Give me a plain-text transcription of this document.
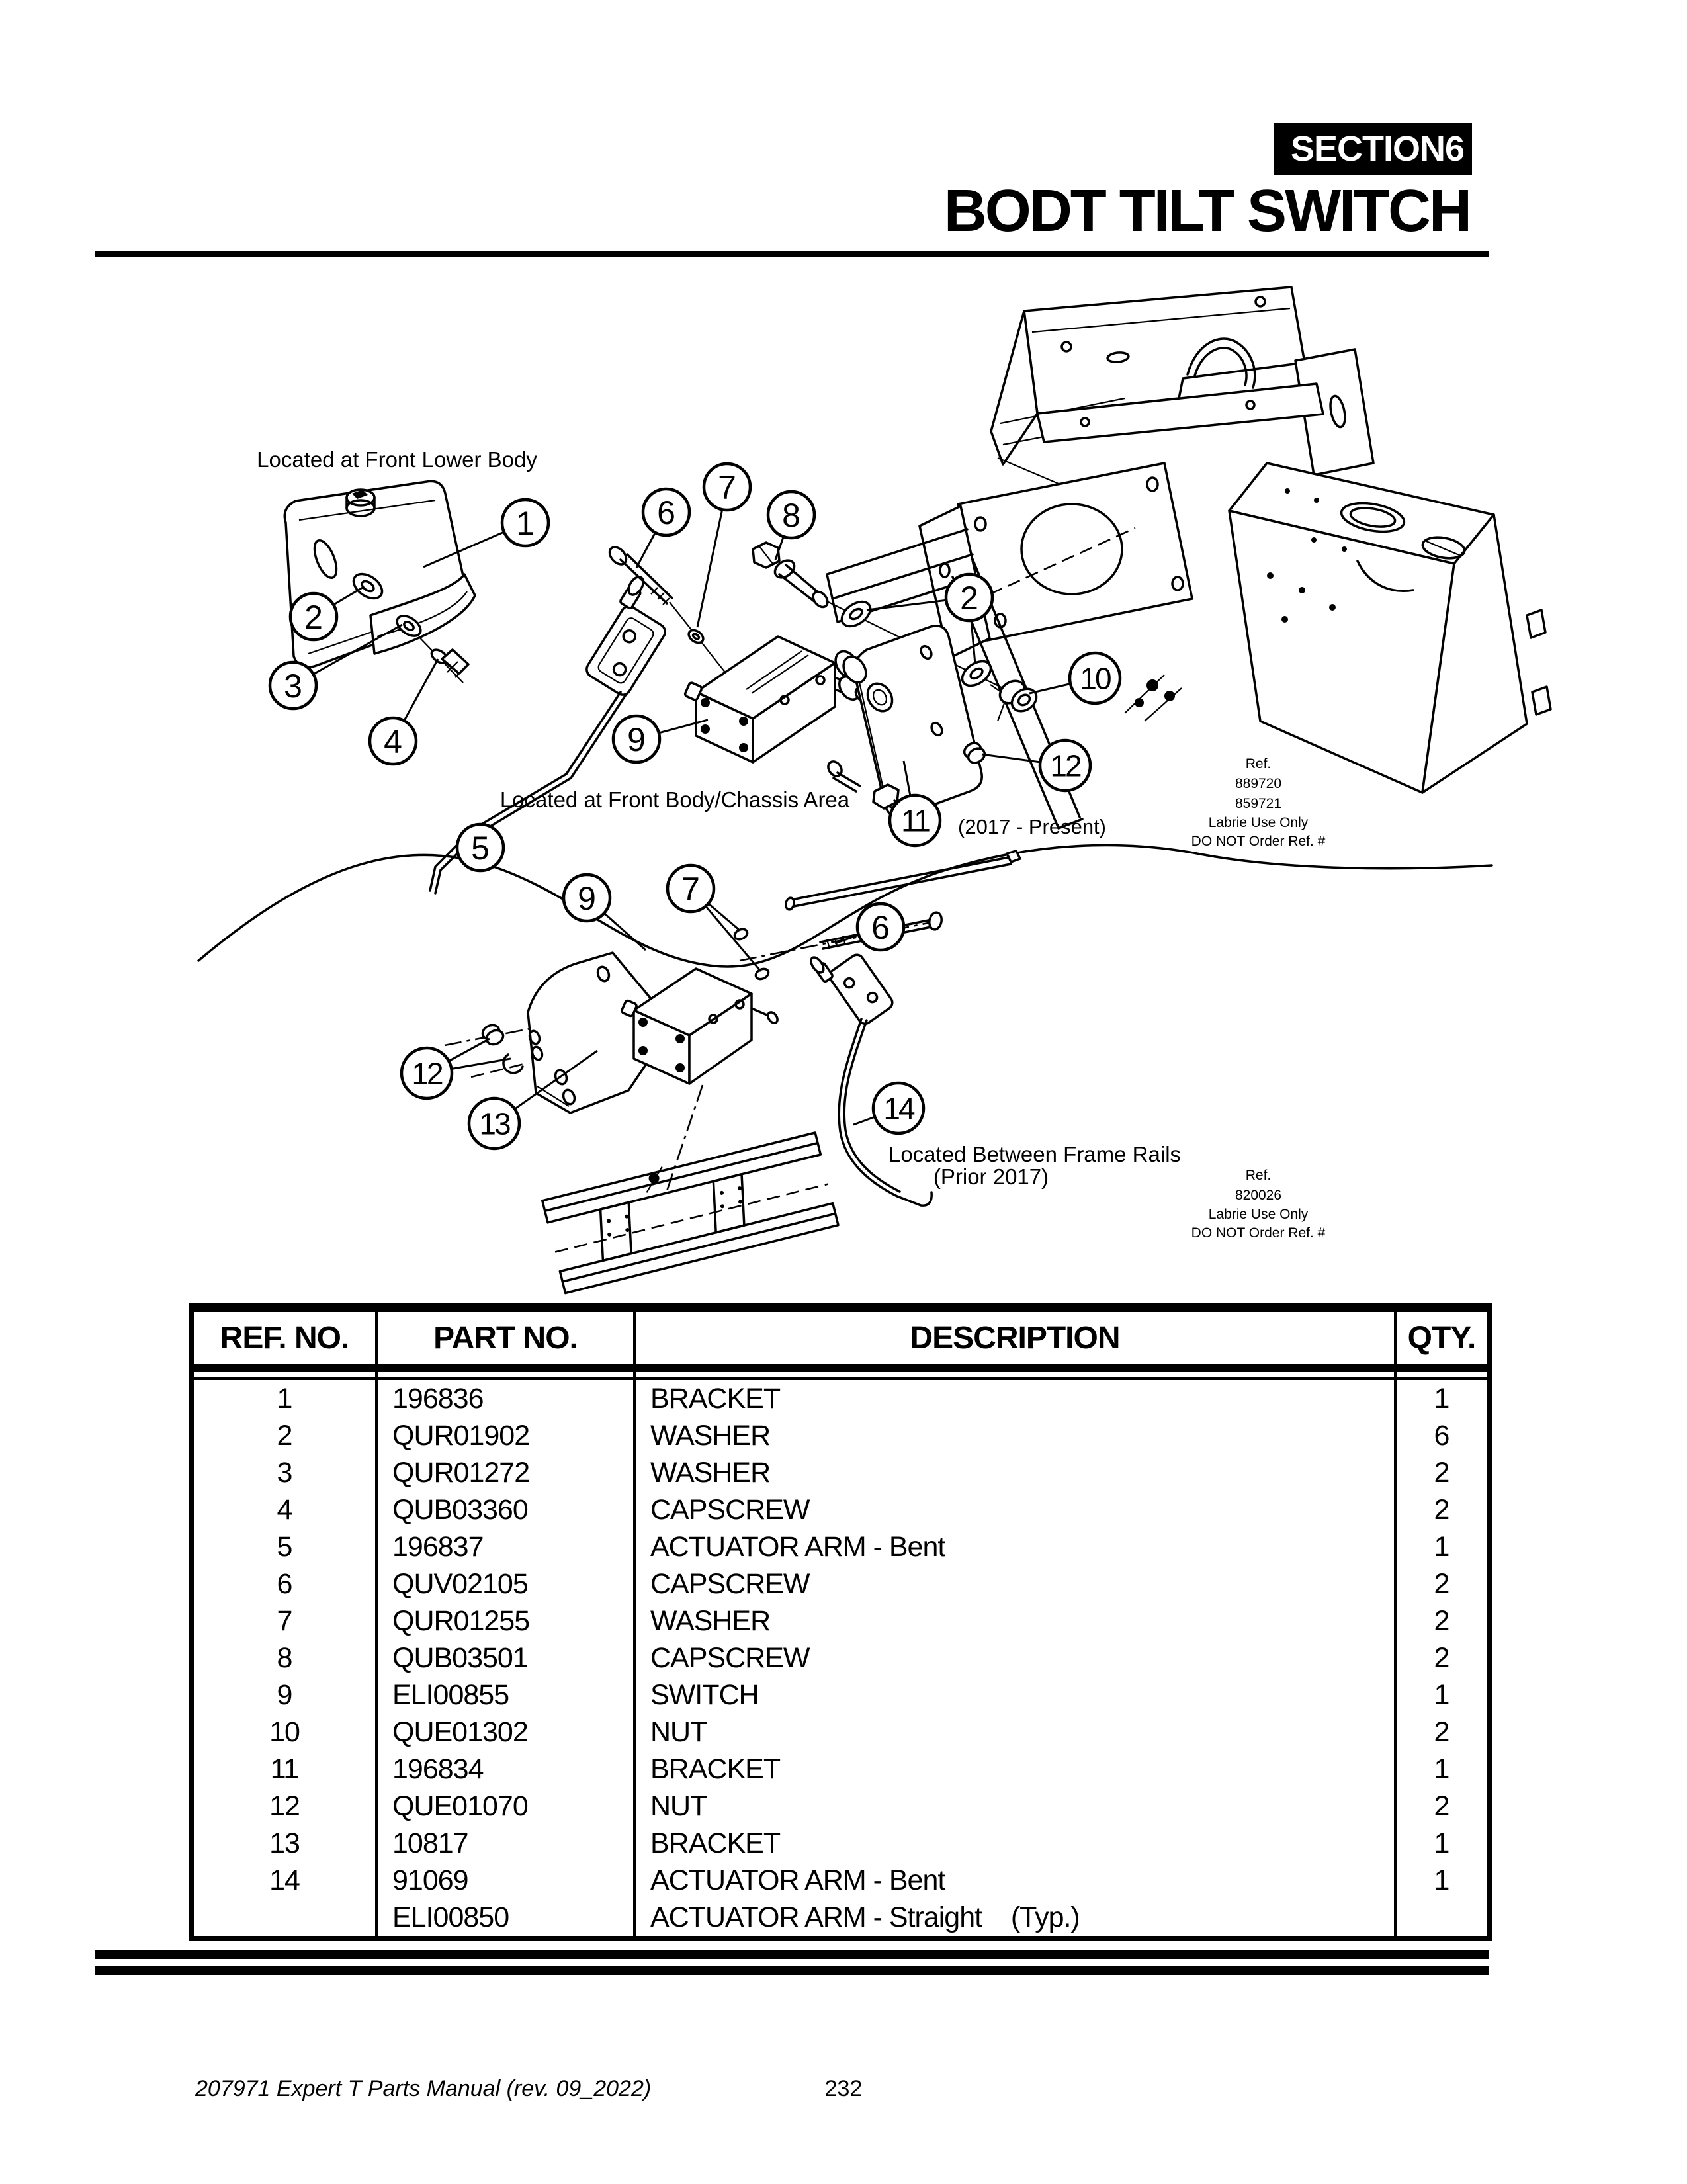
SECTION 6
BODT TILT SWITCH
1
2
3
4
5
6
7
8
2
10
9
11
12
9	7
6
12
13	14
Located at Front Lower Body
Located at Front Body/Chassis Area
(2017 - Present)
Located Between Frame Rails
(Prior 2017)
Ref.
889720
859721
Labrie Use Only
DO NOT Order Ref. #
Ref.
820026
Labrie Use Only
DO NOT Order Ref. #
REF. NO.	PART NO.	DESCRIPTION	QTY.

1	196836	BRACKET	1
2	QUR01902	WASHER	6
3	QUR01272	WASHER	2
4	QUB03360	CAPSCREW	2
5	196837	ACTUATOR ARM - Bent	1
6	QUV02105	CAPSCREW	2
7	QUR01255	WASHER	2
8	QUB03501	CAPSCREW	2
9	ELI00855	SWITCH	1
10	QUE01302	NUT	2
11	196834	BRACKET	1
12	QUE01070	NUT	2
13	10817	BRACKET	1
14	91069	ACTUATOR ARM - Bent	1
	ELI00850	ACTUATOR ARM - Straight    (Typ.)	
207971 Expert T Parts Manual (rev. 09_2022)	232
